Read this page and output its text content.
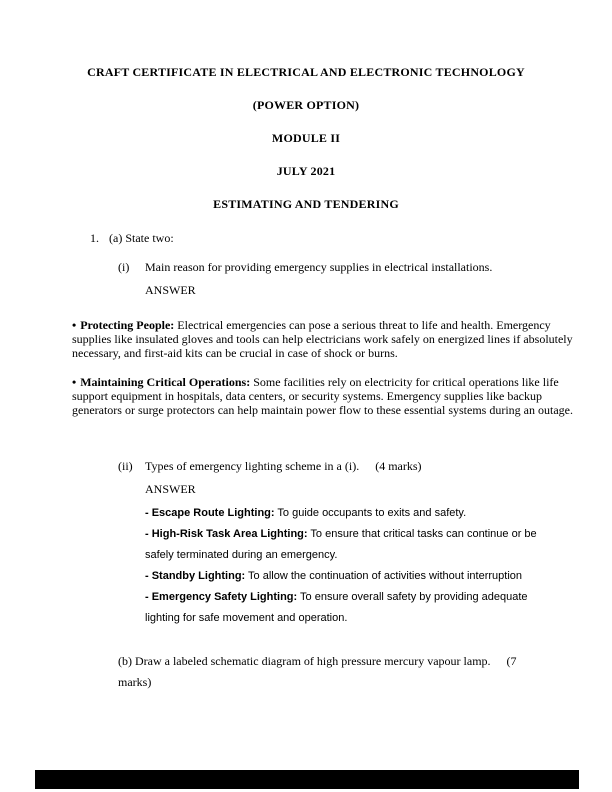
CRAFT CERTIFICATE IN ELECTRICAL AND ELECTRONIC TECHNOLOGY

(POWER OPTION)

MODULE II

JULY 2021

ESTIMATING AND TENDERING

1. (a) State two:
(i)	Main reason for providing emergency supplies in electrical installations.
ANSWER

• Protecting People: Electrical emergencies can pose a serious threat to life and health. Emergency supplies like insulated gloves and tools can help electricians work safely on energized lines if absolutely necessary, and first-aid kits can be crucial in case of shock or burns.

• Maintaining Critical Operations: Some facilities rely on electricity for critical operations like life support equipment in hospitals, data centers, or security systems. Emergency supplies like backup generators or surge protectors can help maintain power flow to these essential systems during an outage.

(ii)	Types of emergency lighting scheme in a (i). (4 marks)
ANSWER

- Escape Route Lighting: To guide occupants to exits and safety.

- High-Risk Task Area Lighting: To ensure that critical tasks can continue or be safely terminated during an emergency.

- Standby Lighting: To allow the continuation of activities without interruption

- Emergency Safety Lighting: To ensure overall safety by providing adequate lighting for safe movement and operation.

(b) Draw a labeled schematic diagram of high pressure mercury vapour lamp. (7
marks)
